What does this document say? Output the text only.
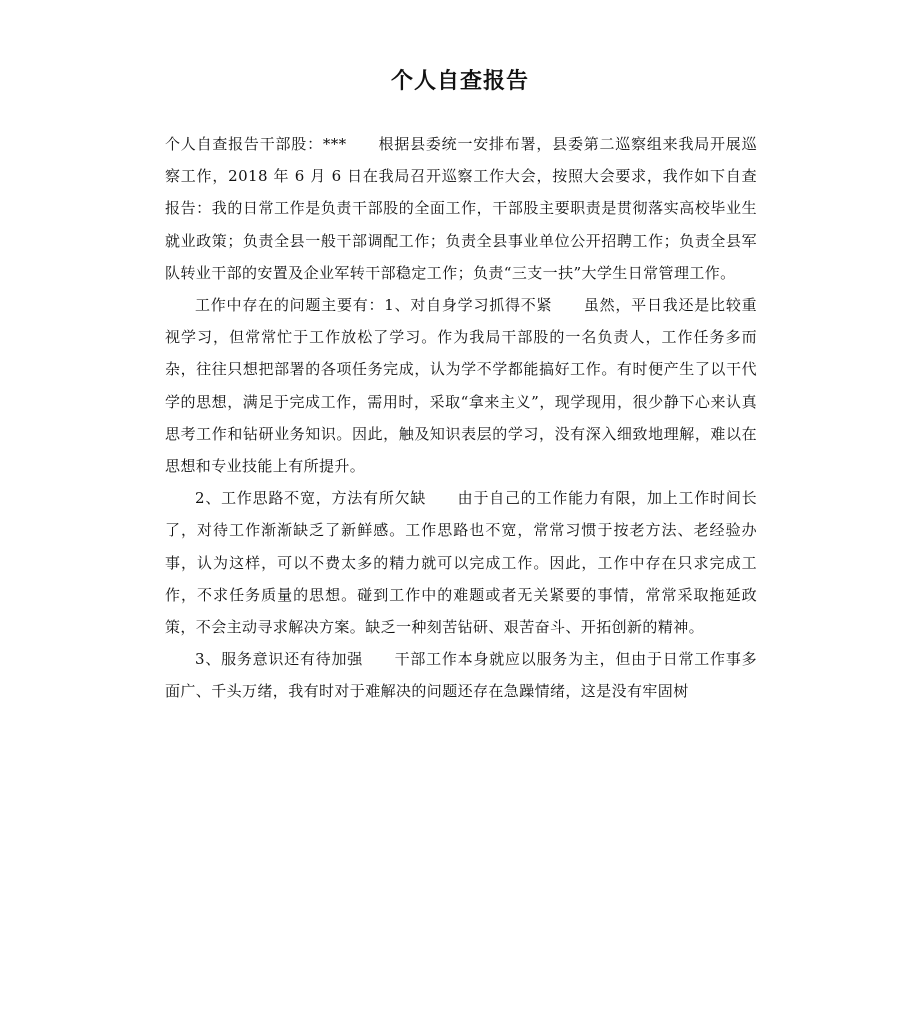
个人自查报告

个人自查报告干部股：***　　根据县委统一安排布署，县委第二巡察组来我局开展巡察工作，2018 年 6 月 6 日在我局召开巡察工作大会，按照大会要求，我作如下自查报告：我的日常工作是负责干部股的全面工作，干部股主要职责是贯彻落实高校毕业生就业政策；负责全县一般干部调配工作；负责全县事业单位公开招聘工作；负责全县军队转业干部的安置及企业军转干部稳定工作；负责“三支一扶”大学生日常管理工作。

工作中存在的问题主要有：1、对自身学习抓得不紧　　虽然，平日我还是比较重视学习，但常常忙于工作放松了学习。作为我局干部股的一名负责人，工作任务多而杂，往往只想把部署的各项任务完成，认为学不学都能搞好工作。有时便产生了以干代学的思想，满足于完成工作，需用时，采取“拿来主义”，现学现用，很少静下心来认真思考工作和钻研业务知识。因此，触及知识表层的学习，没有深入细致地理解，难以在思想和专业技能上有所提升。

2、工作思路不宽，方法有所欠缺　　由于自己的工作能力有限，加上工作时间长了，对待工作渐渐缺乏了新鲜感。工作思路也不宽，常常习惯于按老方法、老经验办事，认为这样，可以不费太多的精力就可以完成工作。因此，工作中存在只求完成工作，不求任务质量的思想。碰到工作中的难题或者无关紧要的事情，常常采取拖延政策，不会主动寻求解决方案。缺乏一种刻苦钻研、艰苦奋斗、开拓创新的精神。

3、服务意识还有待加强　　干部工作本身就应以服务为主，但由于日常工作事多面广、千头万绪，我有时对于难解决的问题还存在急躁情绪，这是没有牢固树
